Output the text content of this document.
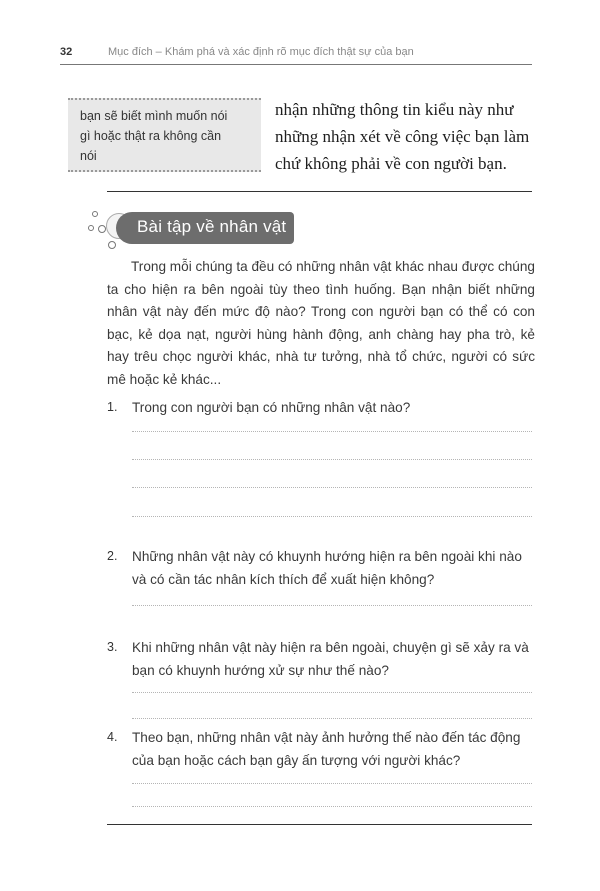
32	Mục đích – Khám phá và xác định rõ mục đích thật sự của bạn
bạn sẽ biết mình muốn nói
gì hoặc thật ra không cần
nói
nhận những thông tin kiểu này như
những nhận xét về công việc bạn làm
chứ không phải về con người bạn.
Bài tập về nhân vật
Trong mỗi chúng ta đều có những nhân vật khác nhau được chúng ta cho hiện ra bên ngoài tùy theo tình huống. Bạn nhận biết những nhân vật này đến mức độ nào? Trong con người bạn có thể có con bạc, kẻ dọa nạt, người hùng hành động, anh chàng hay pha trò, kẻ hay trêu chọc người khác, nhà tư tưởng, nhà tổ chức, người có sức mê hoặc kẻ khác...
1. Trong con người bạn có những nhân vật nào?
2. Những nhân vật này có khuynh hướng hiện ra bên ngoài khi nào và có cần tác nhân kích thích để xuất hiện không?
3. Khi những nhân vật này hiện ra bên ngoài, chuyện gì sẽ xảy ra và bạn có khuynh hướng xử sự như thế nào?
4. Theo bạn, những nhân vật này ảnh hưởng thế nào đến tác động của bạn hoặc cách bạn gây ấn tượng với người khác?
